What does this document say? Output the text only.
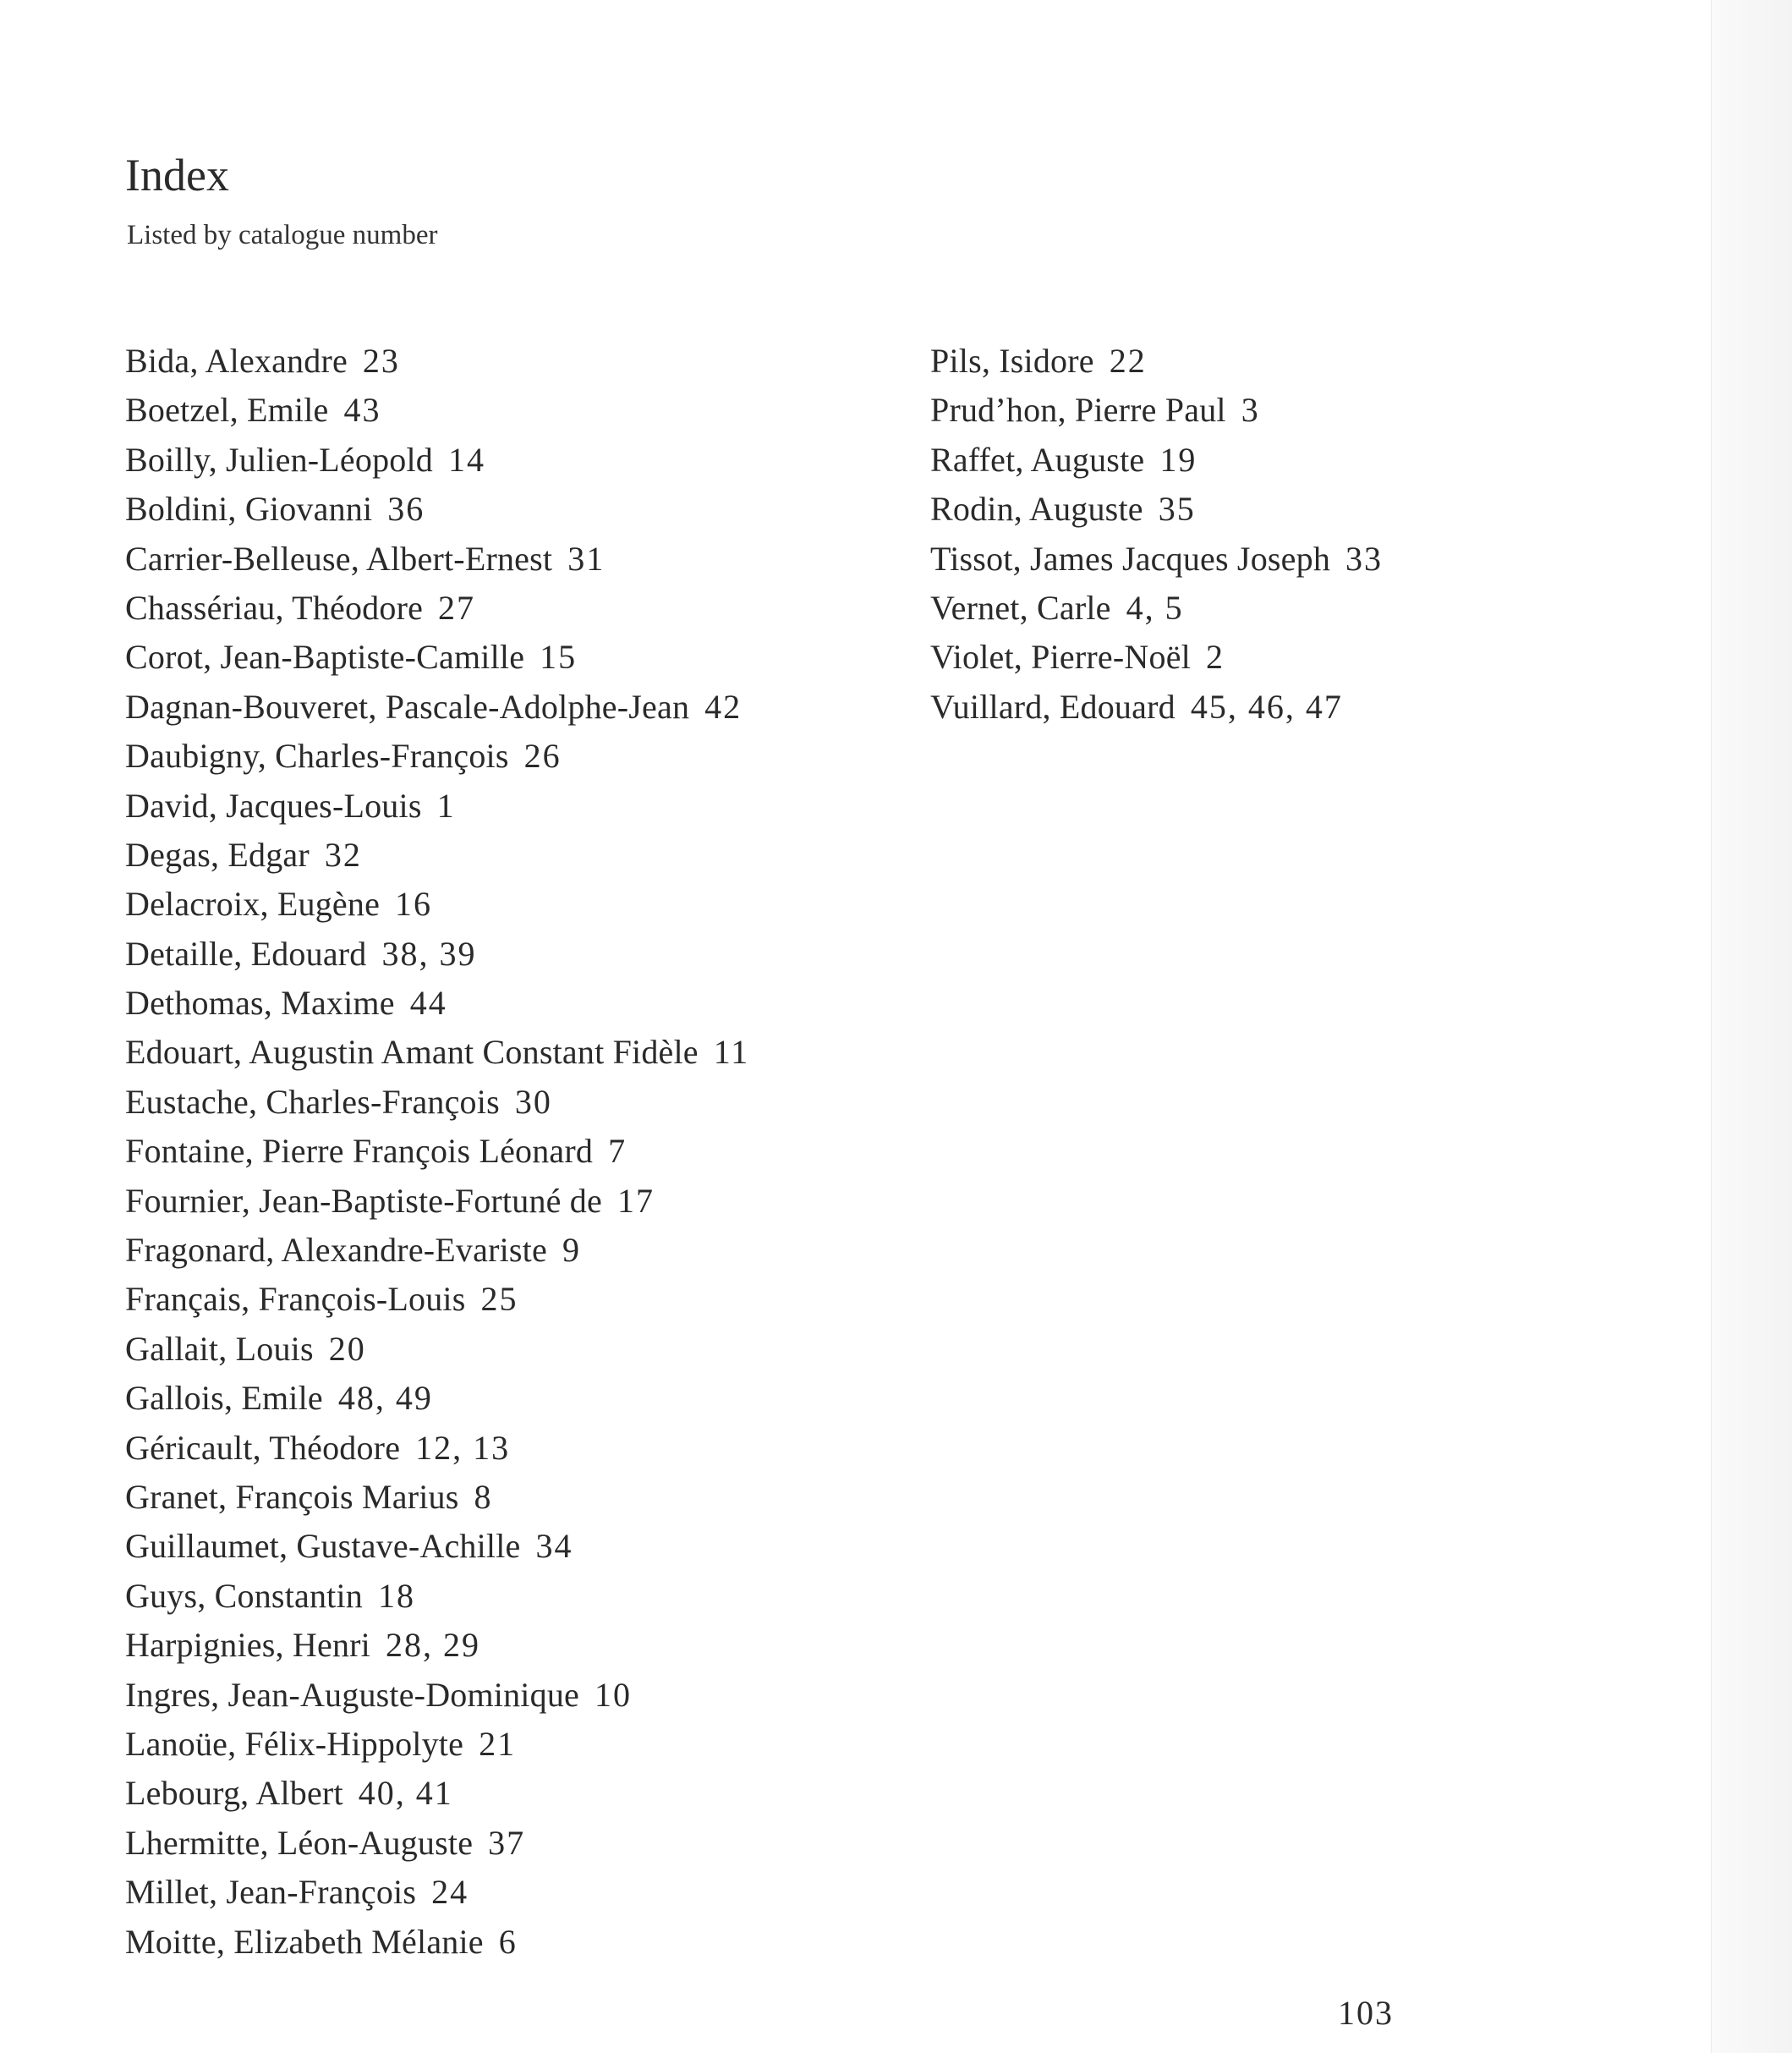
Index
Listed by catalogue number
Bida, Alexandre 23
Boetzel, Emile 43
Boilly, Julien-Léopold 14
Boldini, Giovanni 36
Carrier-Belleuse, Albert-Ernest 31
Chassériau, Théodore 27
Corot, Jean-Baptiste-Camille 15
Dagnan-Bouveret, Pascale-Adolphe-Jean 42
Daubigny, Charles-François 26
David, Jacques-Louis 1
Degas, Edgar 32
Delacroix, Eugène 16
Detaille, Edouard 38, 39
Dethomas, Maxime 44
Edouart, Augustin Amant Constant Fidèle 11
Eustache, Charles-François 30
Fontaine, Pierre François Léonard 7
Fournier, Jean-Baptiste-Fortuné de 17
Fragonard, Alexandre-Evariste 9
Français, François-Louis 25
Gallait, Louis 20
Gallois, Emile 48, 49
Géricault, Théodore 12, 13
Granet, François Marius 8
Guillaumet, Gustave-Achille 34
Guys, Constantin 18
Harpignies, Henri 28, 29
Ingres, Jean-Auguste-Dominique 10
Lanoüe, Félix-Hippolyte 21
Lebourg, Albert 40, 41
Lhermitte, Léon-Auguste 37
Millet, Jean-François 24
Moitte, Elizabeth Mélanie 6
Pils, Isidore 22
Prud’hon, Pierre Paul 3
Raffet, Auguste 19
Rodin, Auguste 35
Tissot, James Jacques Joseph 33
Vernet, Carle 4, 5
Violet, Pierre-Noël 2
Vuillard, Edouard 45, 46, 47
103
